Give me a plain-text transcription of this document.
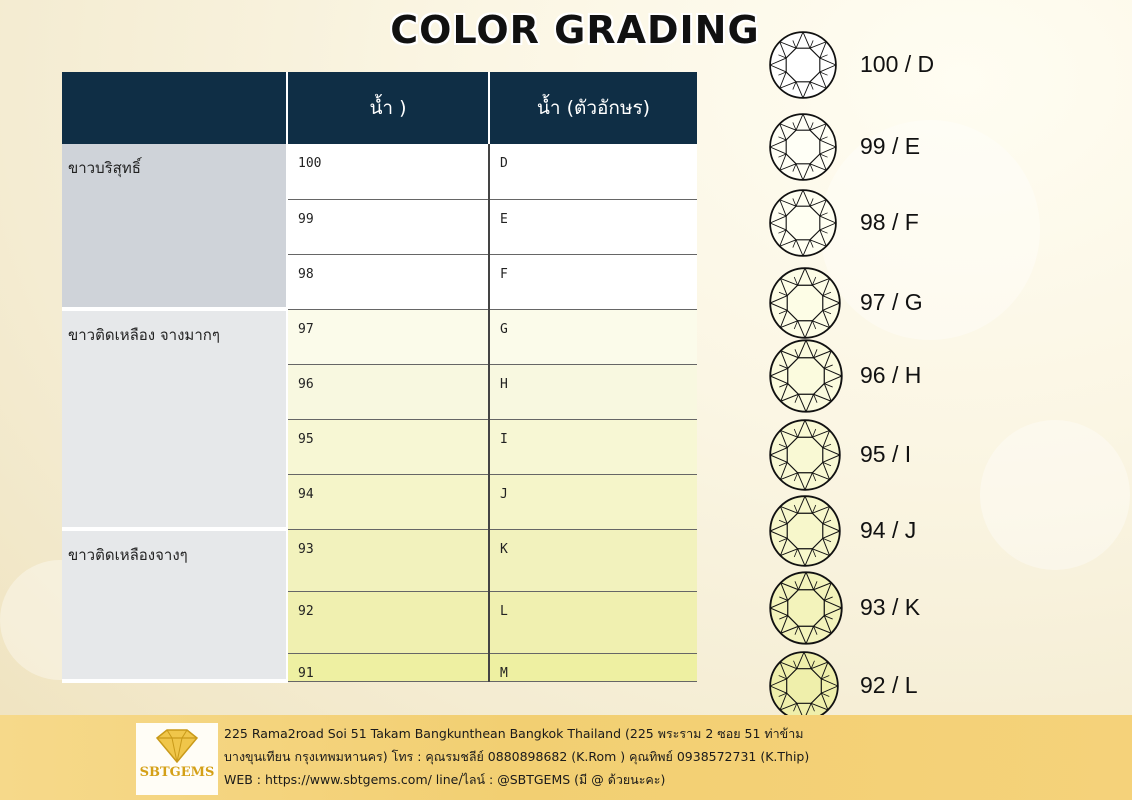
COLOR GRADING
	น้ำ )	น้ำ (ตัวอักษร)
ขาวบริสุทธิ์	100	D
	99	E
	98	F
ขาวติดเหลือง จางมากๆ	97	G
	96	H
	95	I
	94	J
ขาวติดเหลืองจางๆ	93	K
	92	L
	91	M
100 / D
99 / E
98 / F
97 / G
96 / H
95 / I
94 / J
93 / K
92 / L
SBTGEMS
225 Rama2road Soi 51 Takam Bangkunthean Bangkok Thailand (225 พระราม 2 ซอย 51 ท่าข้าม
บางขุนเทียน กรุงเทพมหานคร) โทร : คุณรมชลีย์ 0880898682 (K.Rom ) คุณทิพย์ 0938572731 (K.Thip)
WEB : https://www.sbtgems.com/ line/ไลน์ : @SBTGEMS (มี @ ด้วยนะคะ)
